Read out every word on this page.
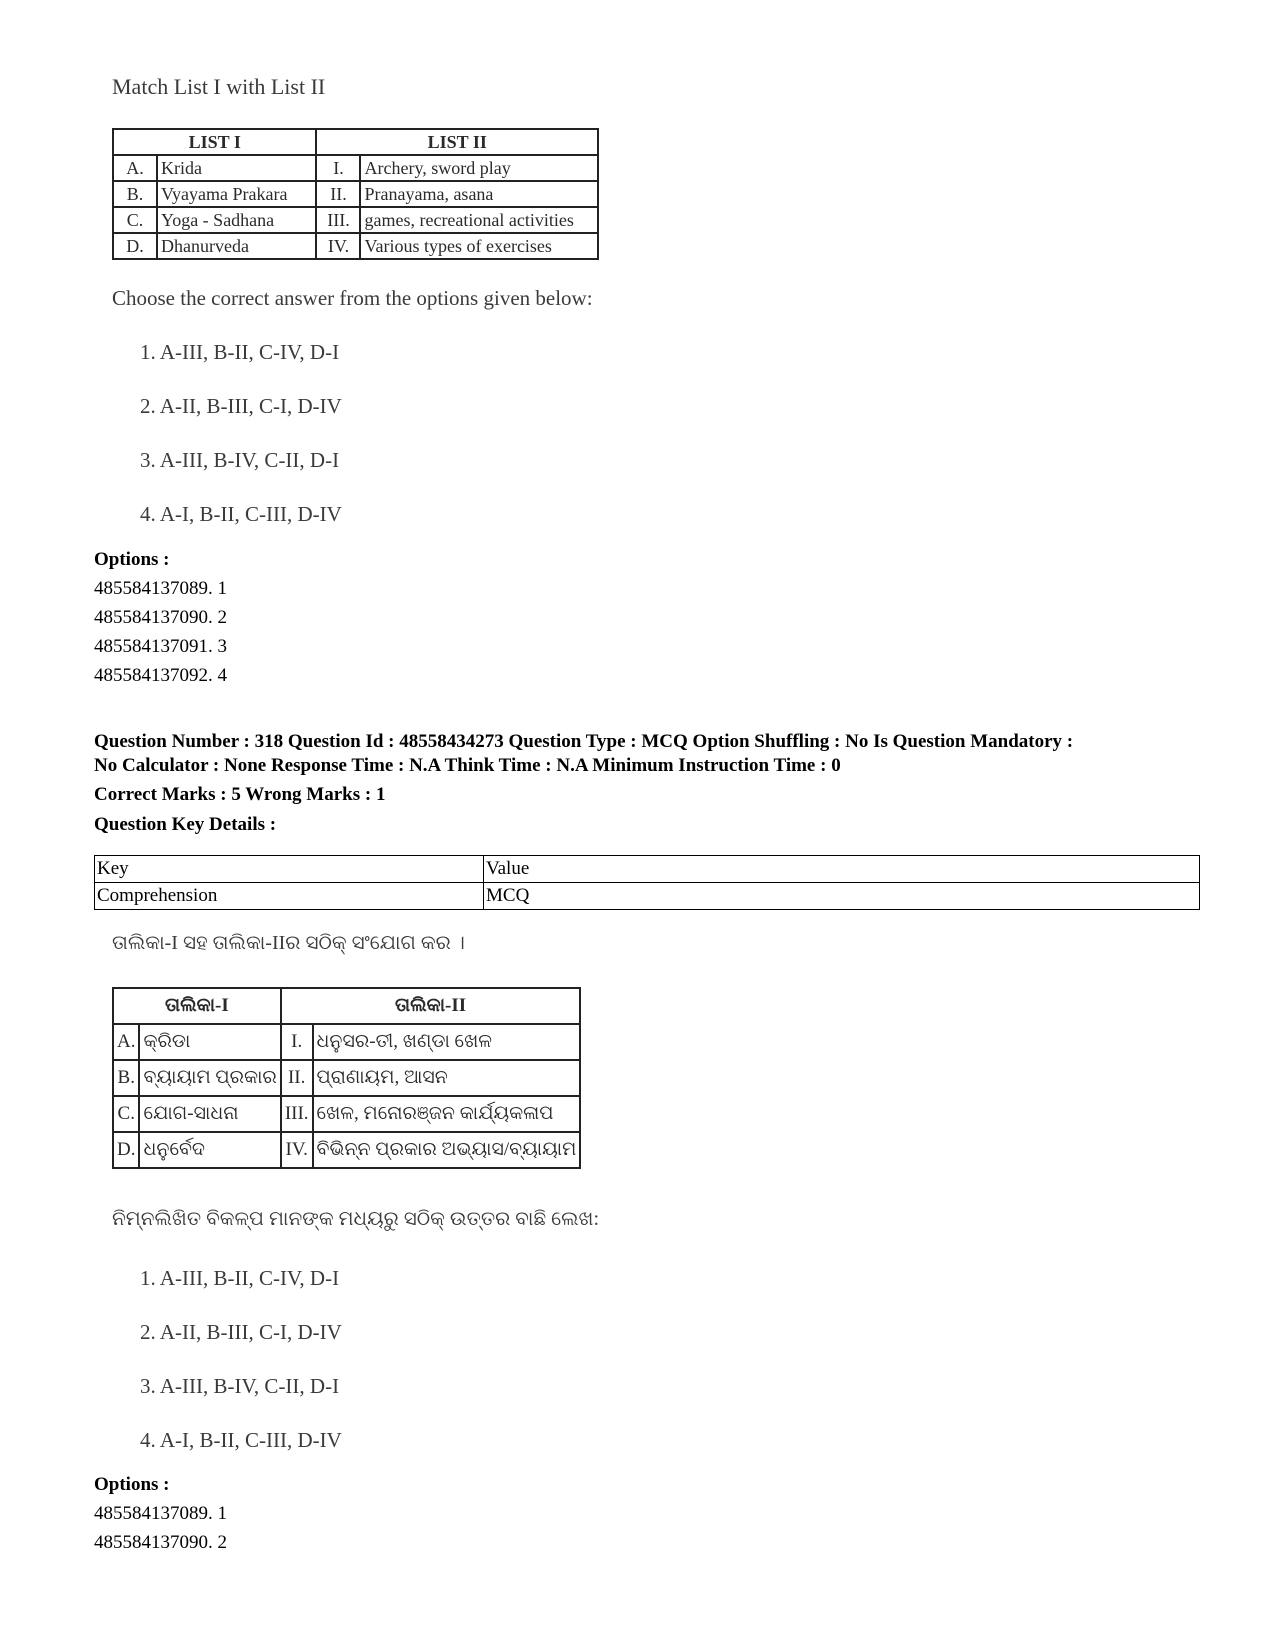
Match List I with List II
LIST I		LIST II	
A.	Krida	I.	Archery, sword play
B.	Vyayama Prakara	II.	Pranayama, asana
C.	Yoga - Sadhana	III.	games, recreational activities
D.	Dhanurveda	IV.	Various types of exercises
Choose the correct answer from the options given below:
1. A-III, B-II, C-IV, D-I
2. A-II, B-III, C-I, D-IV
3. A-III, B-IV, C-II, D-I
4. A-I, B-II, C-III, D-IV
Options :
485584137089. 1
485584137090. 2
485584137091. 3
485584137092. 4
Question Number : 318 Question Id : 48558434273 Question Type : MCQ Option Shuffling : No Is Question Mandatory :
No Calculator : None Response Time : N.A Think Time : N.A Minimum Instruction Time : 0
Correct Marks : 5 Wrong Marks : 1
Question Key Details :
Key	Value
Comprehension	MCQ
ତାଲିକା-I ସହ ତାଲିକା-IIର ସଠିକ୍ ସଂଯୋଗ କର ।
ତାଲିକା-I		ତାଲିକା-II	
A.	କ୍ରିଡା	I.	ଧନୁସର-ତୀ, ଖଣ୍ଡା ଖେଳ
B.	ବ୍ୟାୟାମ ପ୍ରକାର	II.	ପ୍ରାଣାୟମ, ଆସନ
C.	ଯୋଗ-ସାଧନା	III.	ଖେଳ, ମନୋରଞ୍ଜନ କାର୍ଯ୍ୟକଳାପ
D.	ଧନୁର୍ବେଦ	IV.	ବିଭିନ୍ନ ପ୍ରକାର ଅଭ୍ୟାସ/ବ୍ୟାୟାମ
ନିମ୍ନଲିଖିତ ବିକଳ୍ପ ମାନଙ୍କ ମଧ୍ୟରୁ ସଠିକ୍ ଉତ୍ତର ବାଛି ଲେଖ:
1. A-III, B-II, C-IV, D-I
2. A-II, B-III, C-I, D-IV
3. A-III, B-IV, C-II, D-I
4. A-I, B-II, C-III, D-IV
Options :
485584137089. 1
485584137090. 2
